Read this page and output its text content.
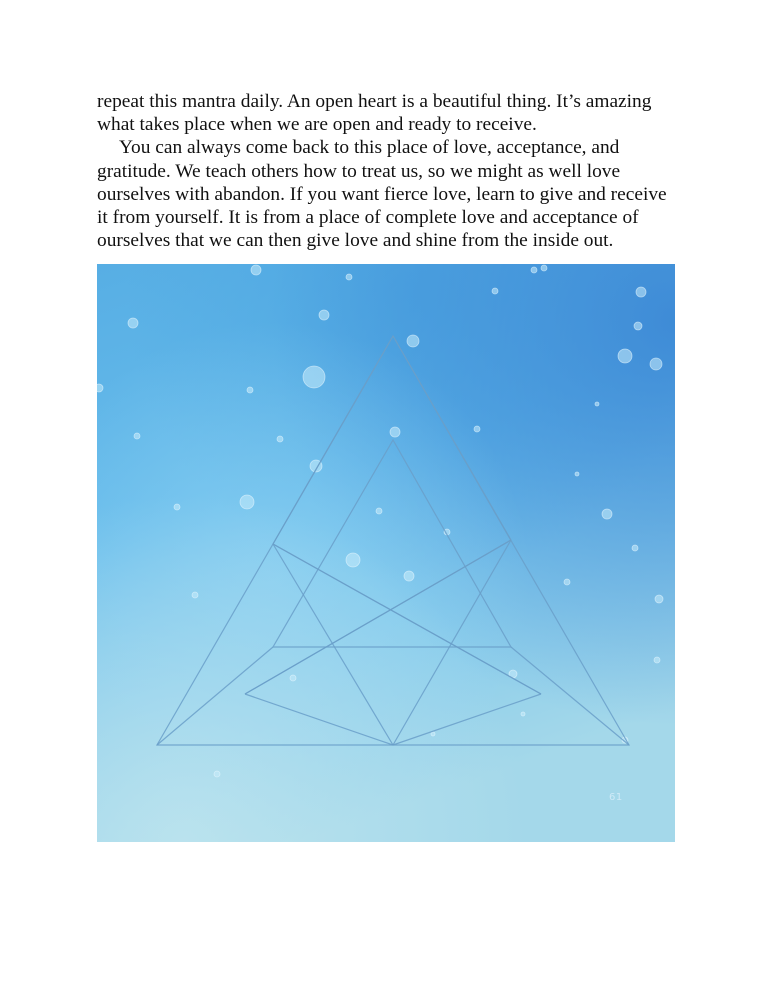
repeat this mantra daily. An open heart is a beautiful thing. It’s amazing what takes place when we are open and ready to receive.

You can always come back to this place of love, acceptance, and gratitude. We teach others how to treat us, so we might as well love ourselves with abandon. If you want fierce love, learn to give and receive it from yourself. It is from a place of complete love and acceptance of ourselves that we can then give love and shine from the inside out.

61
